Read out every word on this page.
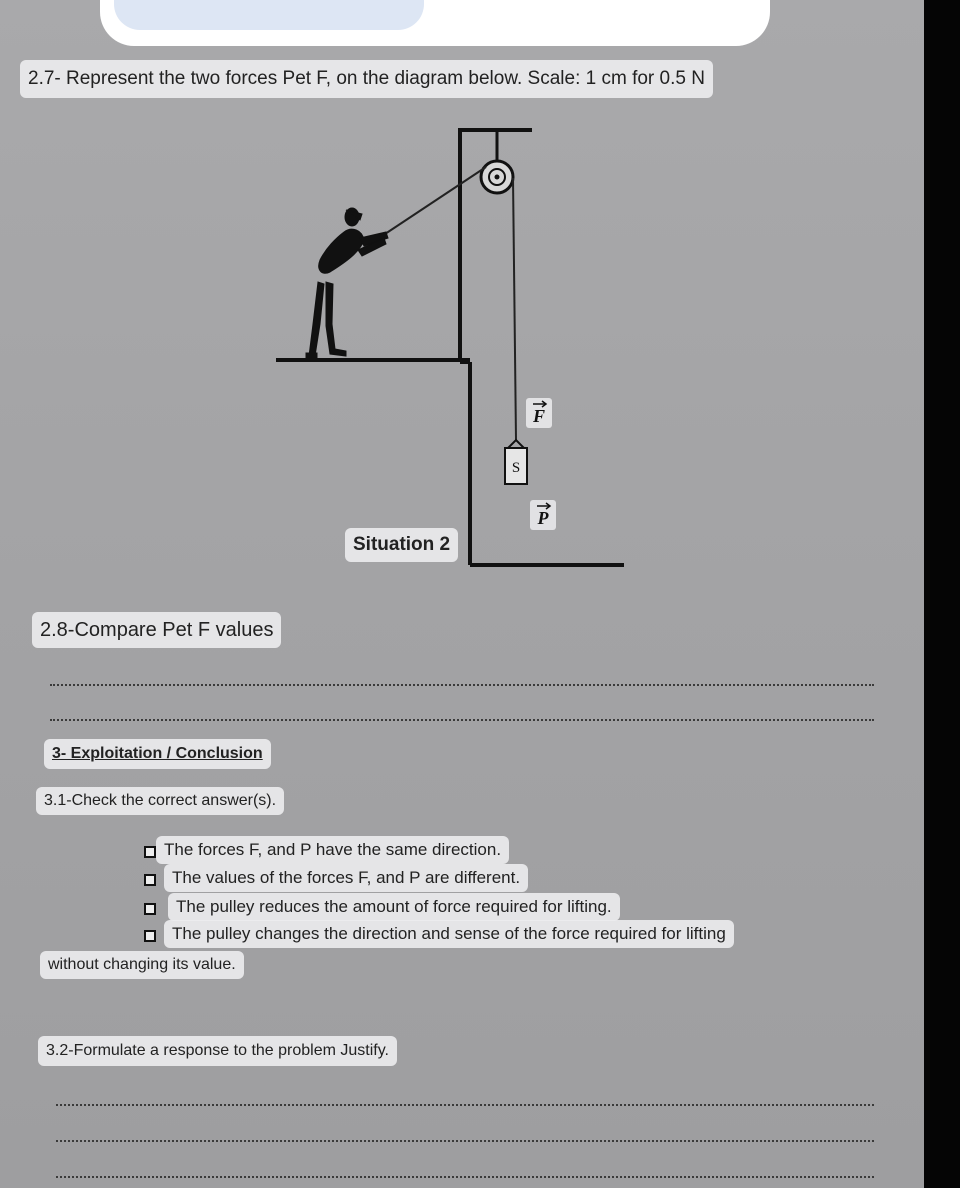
2.7- Represent the two forces Pet F, on the diagram below. Scale: 1 cm for 0.5 N
S
F
P
Situation 2
2.8-Compare Pet F values
3- Exploitation / Conclusion
3.1-Check the correct answer(s).
The forces F, and P have the same direction.
The values of the forces F, and P are different.
The pulley reduces the amount of force required for lifting.
The pulley changes the direction and sense of the force required for lifting
without changing its value.
3.2-Formulate a response to the problem Justify.
